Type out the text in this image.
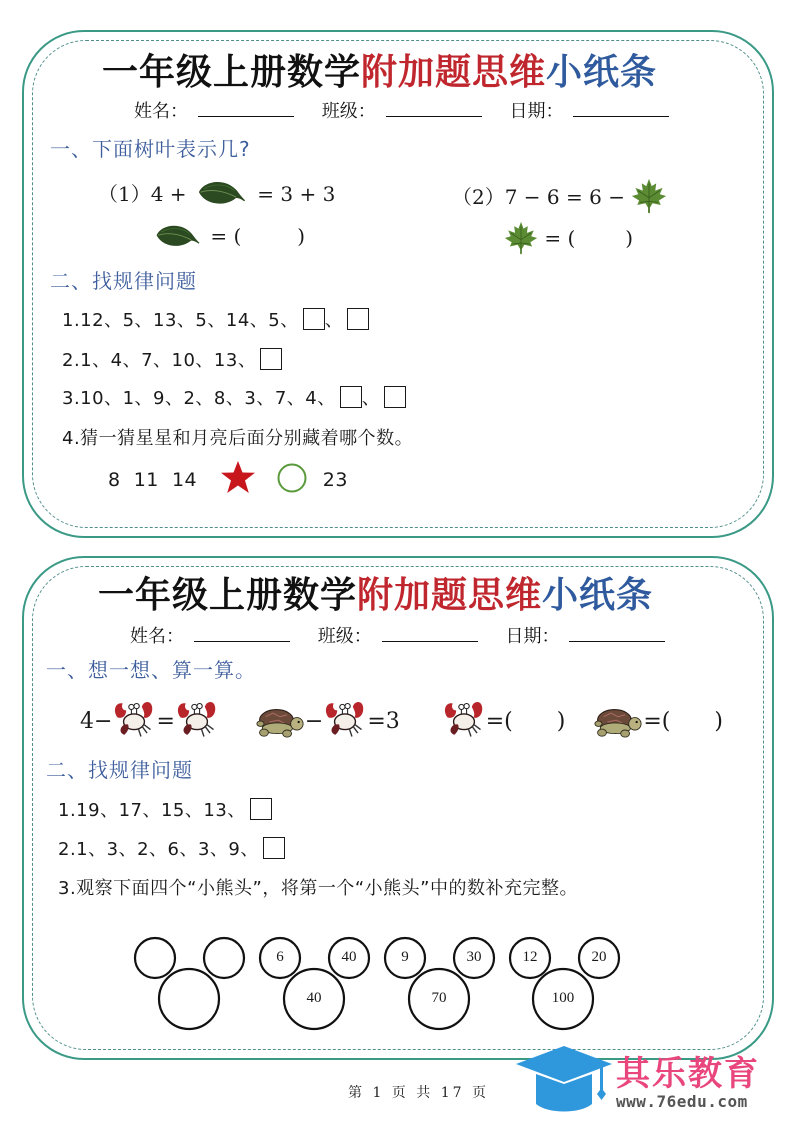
一年级上册数学附加题思维小纸条
姓名：	班级：	日期：
一、下面树叶表示几?
（1）4 +	= 3 + 3
= (	)
（2）7 − 6 = 6 −
= (	)
二、找规律问题
1.12、5、13、5、14、5、 、
2.1、4、7、10、13、
3.10、1、9、2、8、3、7、4、 、
4.猜一猜星星和月亮后面分别藏着哪个数。
8 11 14	23
一年级上册数学附加题思维小纸条
姓名：	班级：	日期：
一、想一想、算一算。
4− =	− =3	=( )	=( )
二、找规律问题
1.19、17、15、13、
2.1、3、2、6、3、9、
3.观察下面四个“小熊头”，将第一个“小熊头”中的数补充完整。
6	40
40
9	30
70
12	20
100
第 1 页 共 17 页	其乐教育
www.76edu.com
